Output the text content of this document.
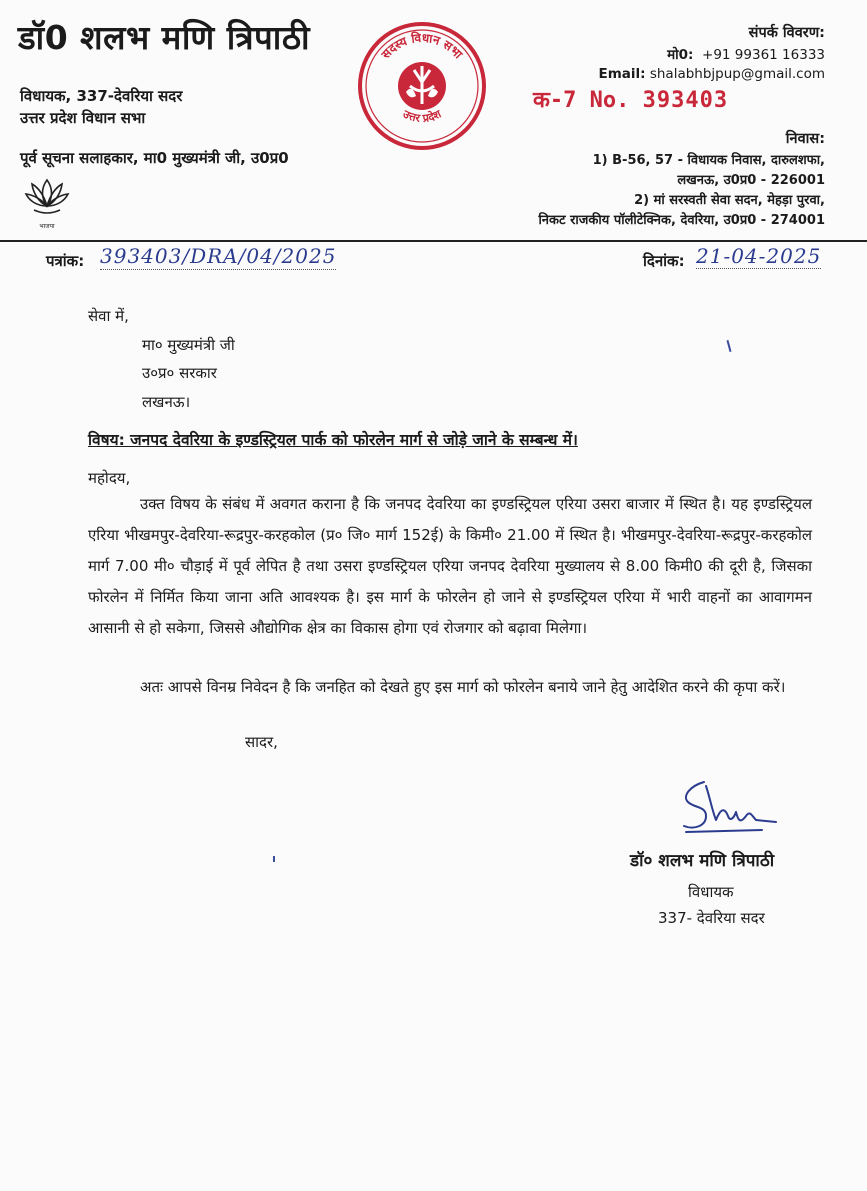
डॉ0 शलभ मणि त्रिपाठी
विधायक, 337-देवरिया सदर
उत्तर प्रदेश विधान सभा
पूर्व सूचना सलाहकार, मा0 मुख्यमंत्री जी, उ0प्र0
भाजपा
सदस्य विधान सभा
उत्तर प्रदेश
संपर्क विवरण:
मो0: +91 99361 16333
Email: shalabhbjpup@gmail.com
क-7 No. 393403
निवास:
1) B-56, 57 - विधायक निवास, दारुलशफा,
लखनऊ, उ0प्र0 - 226001
2) मां सरस्वती सेवा सदन, मेहड़ा पुरवा,
निकट राजकीय पॉलीटेक्निक, देवरिया, उ0प्र0 - 274001
पत्रांक: 393403/DRA/04/2025	दिनांक: 21-04-2025
सेवा में,
मा० मुख्यमंत्री जी
उ०प्र० सरकार
लखनऊ।
विषय: जनपद देवरिया के इण्डस्ट्रियल पार्क को फोरलेन मार्ग से जोड़े जाने के सम्बन्ध में।
महोदय,
उक्त विषय के संबंध में अवगत कराना है कि जनपद देवरिया का इण्डस्ट्रियल एरिया उसरा बाजार में स्थित है। यह इण्डस्ट्रियल एरिया भीखमपुर-देवरिया-रूद्रपुर-करहकोल (प्र० जि० मार्ग 152ई) के किमी० 21.00 में स्थित है। भीखमपुर-देवरिया-रूद्रपुर-करहकोल मार्ग 7.00 मी० चौड़ाई में पूर्व लेपित है तथा उसरा इण्डस्ट्रियल एरिया जनपद देवरिया मुख्यालय से 8.00 किमी0 की दूरी है, जिसका फोरलेन में निर्मित किया जाना अति आवश्यक है। इस मार्ग के फोरलेन हो जाने से इण्डस्ट्रियल एरिया में भारी वाहनों का आवागमन आसानी से हो सकेगा, जिससे औद्योगिक क्षेत्र का विकास होगा एवं रोजगार को बढ़ावा मिलेगा।
अतः आपसे विनम्र निवेदन है कि जनहित को देखते हुए इस मार्ग को फोरलेन बनाये जाने हेतु आदेशित करने की कृपा करें।
सादर,
डॉ० शलभ मणि त्रिपाठी
विधायक
337- देवरिया सदर
